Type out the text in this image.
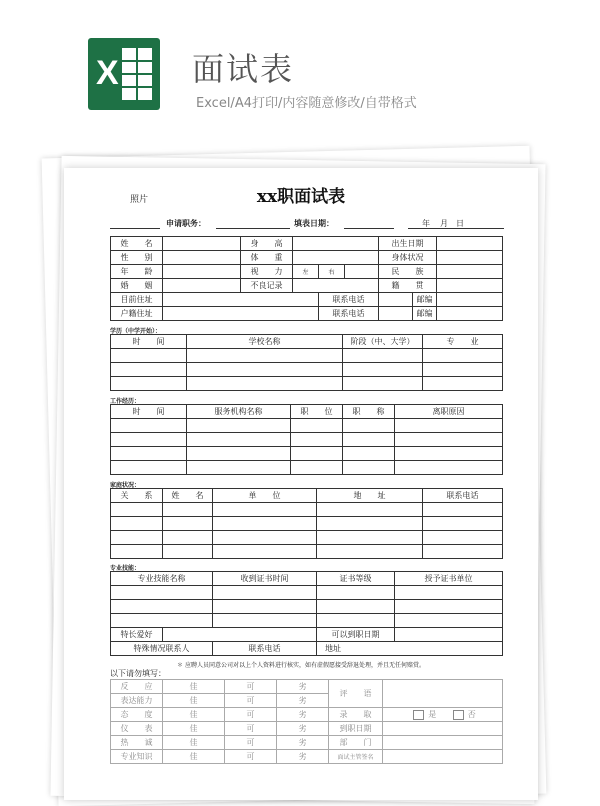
X 面试表
Excel/A4打印/内容随意修改/自带格式
照片	xx职面试表
申请职务：	填表日期：	年 月 日
姓　　名		身　　高				出生日期		
性　　别		体　　重				身体状况		
年　　龄		视　　力	左	右		民　　族		
婚　　姻		不良记录				籍　　贯		
目前住址				联系电话			邮编	
户籍住址				联系电话			邮编	
学历（中学开始）：
时　　间	学校名称	阶段（中、大学）	专　　业

工作经历：
时　　间	服务机构名称	职　　位	职　　称	离职原因

家庭状况：
关　　系	姓　　名	单　　位	地　　址	联系电话

专业技能：
专业技能名称		收到证书时间	证书等级	授予证书单位

特长爱好			可以到职日期	
特殊情况联系人		联系电话	地址	
＊ 应聘人员同意公司对以上个人资料进行核实，如有虚假愿接受辞退处理，并且无任何赔赏。
以下请勿填写：
反　　应	佳	可	劣	评　　语	
表达能力	佳	可	劣		
态　　度	佳	可	劣	录　　取	是 否
仪　　表	佳	可	劣	到职日期	
热　　诚	佳	可	劣	部　　门	
专业知识	佳	可	劣	面试主管签名	
